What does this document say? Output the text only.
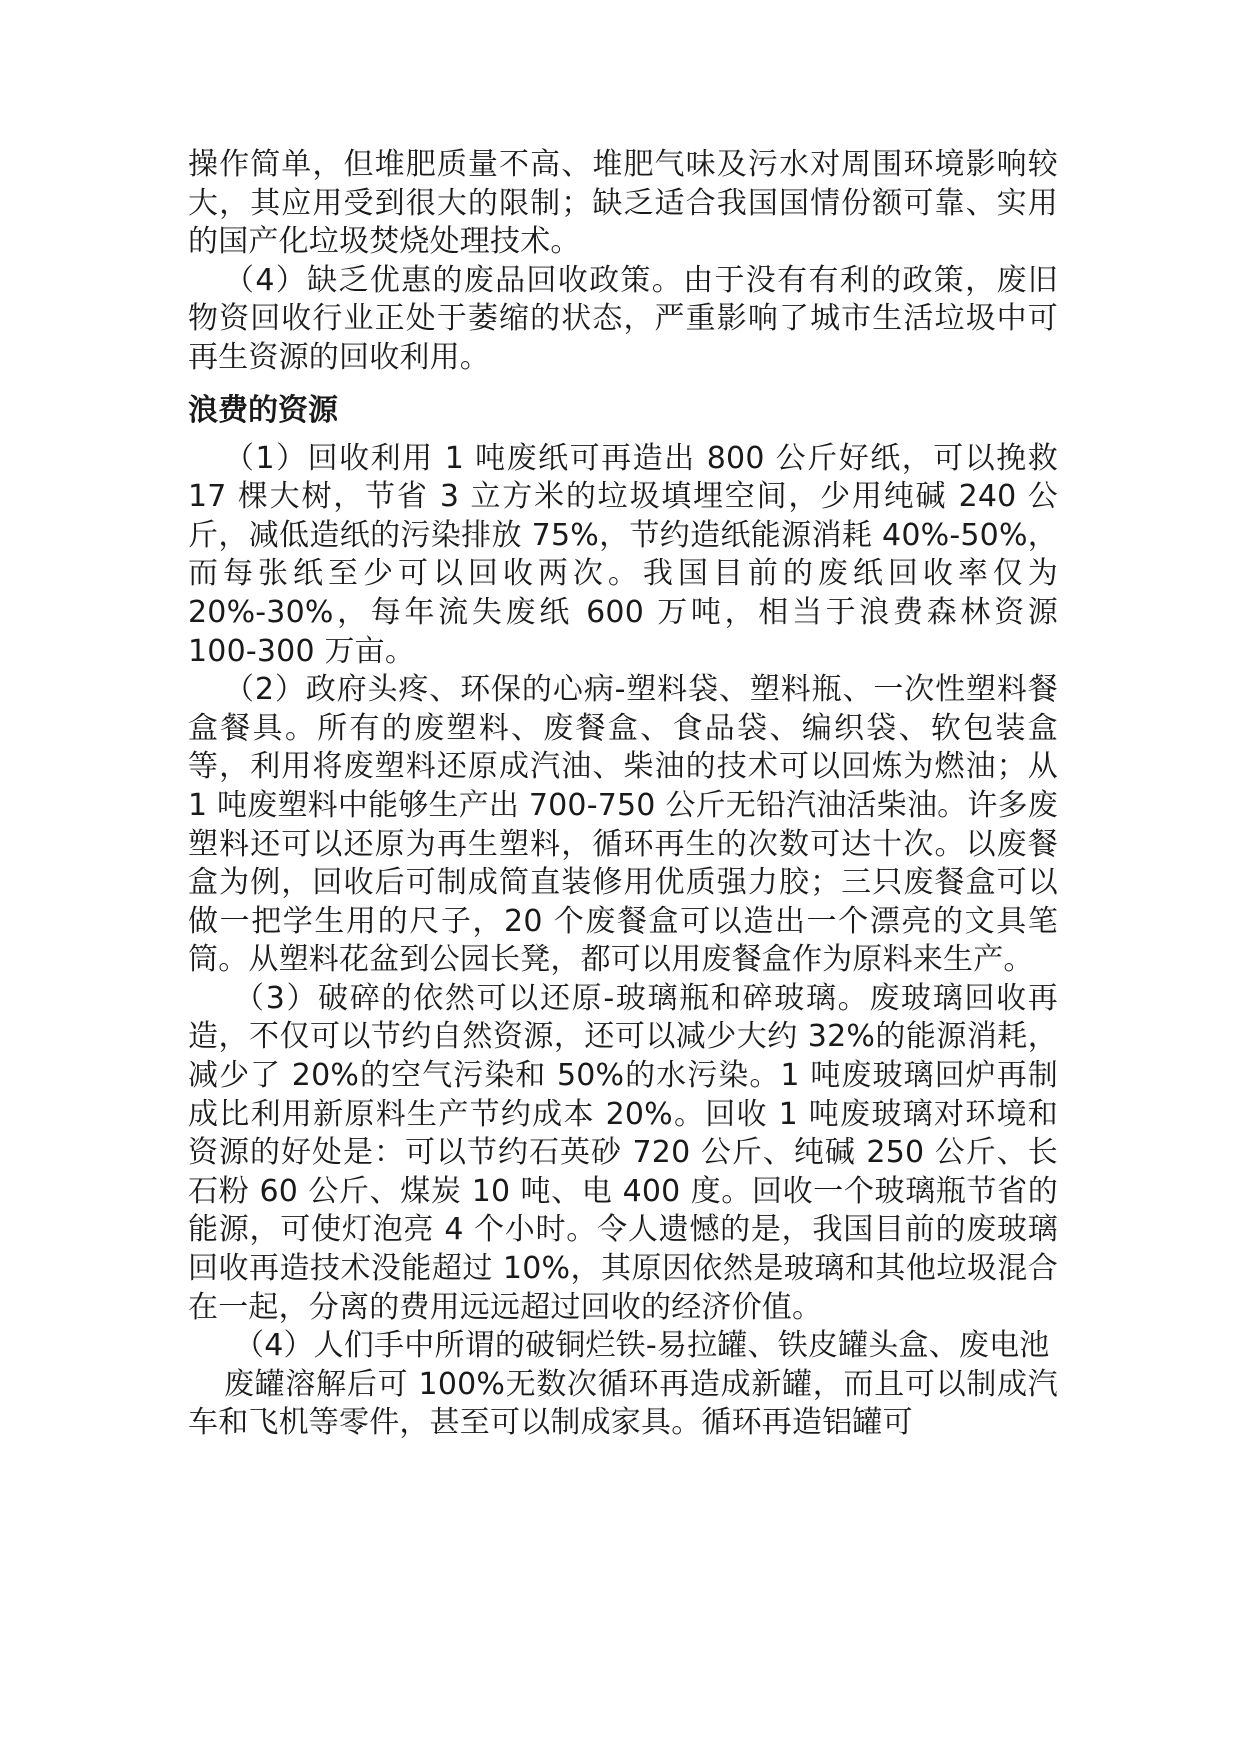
操作简单，但堆肥质量不高、堆肥气味及污水对周围环境影响较大，其应用受到很大的限制；缺乏适合我国国情份额可靠、实用的国产化垃圾焚烧处理技术。

（4）缺乏优惠的废品回收政策。由于没有有利的政策，废旧物资回收行业正处于萎缩的状态，严重影响了城市生活垃圾中可再生资源的回收利用。

浪费的资源

（1）回收利用 1 吨废纸可再造出 800 公斤好纸，可以挽救 17 棵大树，节省 3 立方米的垃圾填埋空间，少用纯碱 240 公斤，减低造纸的污染排放 75%，节约造纸能源消耗 40%-50%，而每张纸至少可以回收两次。我国目前的废纸回收率仅为 20%-30%，每年流失废纸 600 万吨，相当于浪费森林资源 100-300 万亩。

（2）政府头疼、环保的心病-塑料袋、塑料瓶、一次性塑料餐盒餐具。所有的废塑料、废餐盒、食品袋、编织袋、软包装盒等，利用将废塑料还原成汽油、柴油的技术可以回炼为燃油；从 1 吨废塑料中能够生产出 700-750 公斤无铅汽油活柴油。许多废塑料还可以还原为再生塑料，循环再生的次数可达十次。以废餐盒为例，回收后可制成简直装修用优质强力胶；三只废餐盒可以做一把学生用的尺子，20 个废餐盒可以造出一个漂亮的文具笔筒。从塑料花盆到公园长凳，都可以用废餐盒作为原料来生产。

（3）破碎的依然可以还原-玻璃瓶和碎玻璃。废玻璃回收再造，不仅可以节约自然资源，还可以减少大约 32%的能源消耗，减少了 20%的空气污染和 50%的水污染。1 吨废玻璃回炉再制成比利用新原料生产节约成本 20%。回收 1 吨废玻璃对环境和资源的好处是：可以节约石英砂 720 公斤、纯碱 250 公斤、长石粉 60 公斤、煤炭 10 吨、电 400 度。回收一个玻璃瓶节省的能源，可使灯泡亮 4 个小时。令人遗憾的是，我国目前的废玻璃回收再造技术没能超过 10%，其原因依然是玻璃和其他垃圾混合在一起，分离的费用远远超过回收的经济价值。

（4）人们手中所谓的破铜烂铁-易拉罐、铁皮罐头盒、废电池

废罐溶解后可 100%无数次循环再造成新罐，而且可以制成汽车和飞机等零件，甚至可以制成家具。循环再造铝罐可
